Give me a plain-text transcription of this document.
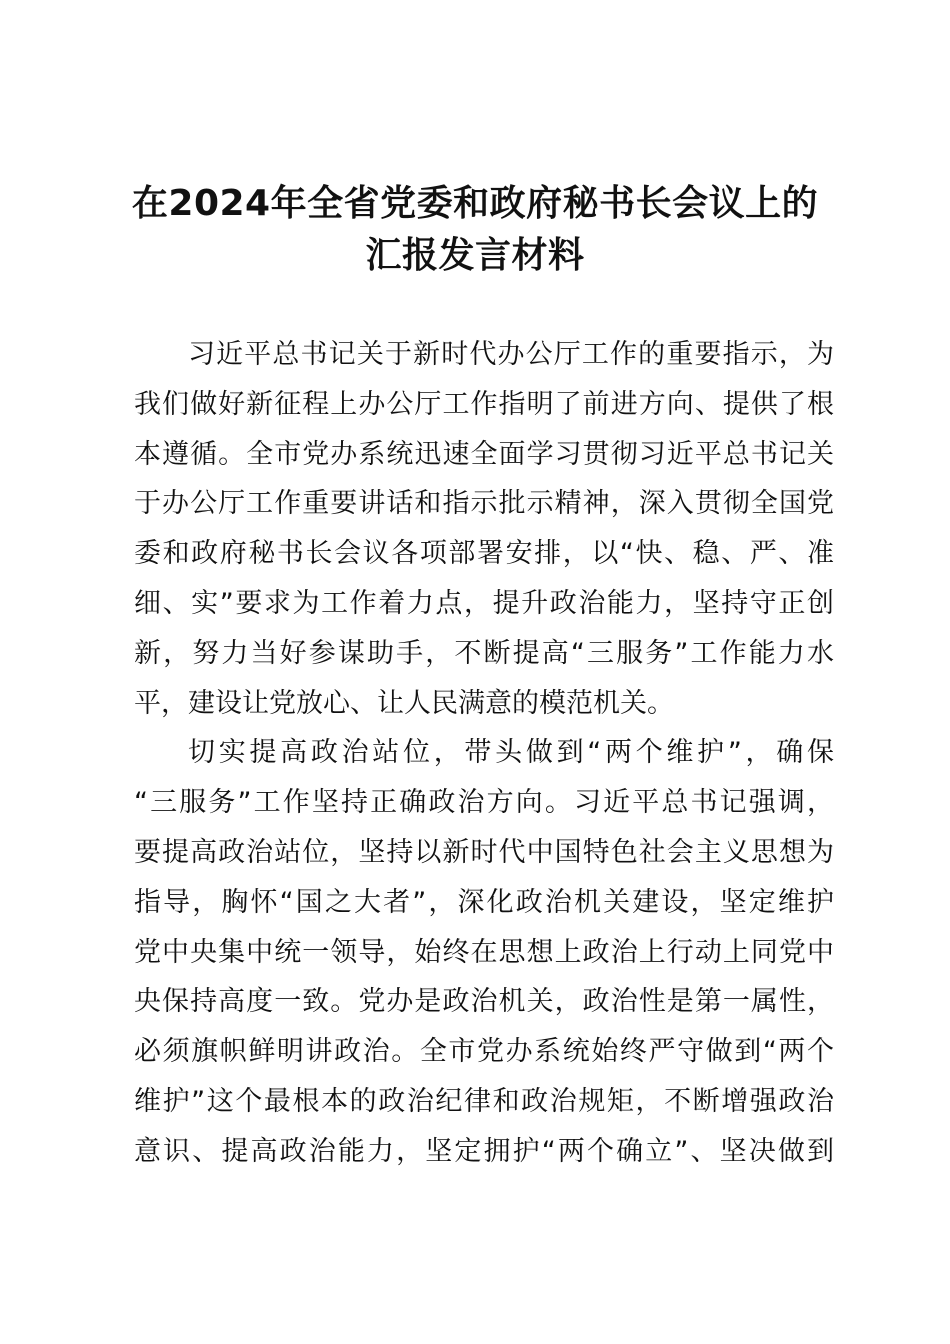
在2024年全省党委和政府秘书长会议上的
汇报发言材料
习近平总书记关于新时代办公厅工作的重要指示，为
我们做好新征程上办公厅工作指明了前进方向、提供了根
本遵循。全市党办系统迅速全面学习贯彻习近平总书记关
于办公厅工作重要讲话和指示批示精神，深入贯彻全国党
委和政府秘书长会议各项部署安排，以“快、稳、严、准
细、实”要求为工作着力点，提升政治能力，坚持守正创
新，努力当好参谋助手，不断提高“三服务”工作能力水
平，建设让党放心、让人民满意的模范机关。
切实提高政治站位，带头做到“两个维护”，确保
“三服务”工作坚持正确政治方向。习近平总书记强调，
要提高政治站位，坚持以新时代中国特色社会主义思想为
指导，胸怀“国之大者”，深化政治机关建设，坚定维护
党中央集中统一领导，始终在思想上政治上行动上同党中
央保持高度一致。党办是政治机关，政治性是第一属性，
必须旗帜鲜明讲政治。全市党办系统始终严守做到“两个
维护”这个最根本的政治纪律和政治规矩，不断增强政治
意识、提高政治能力，坚定拥护“两个确立”、坚决做到
